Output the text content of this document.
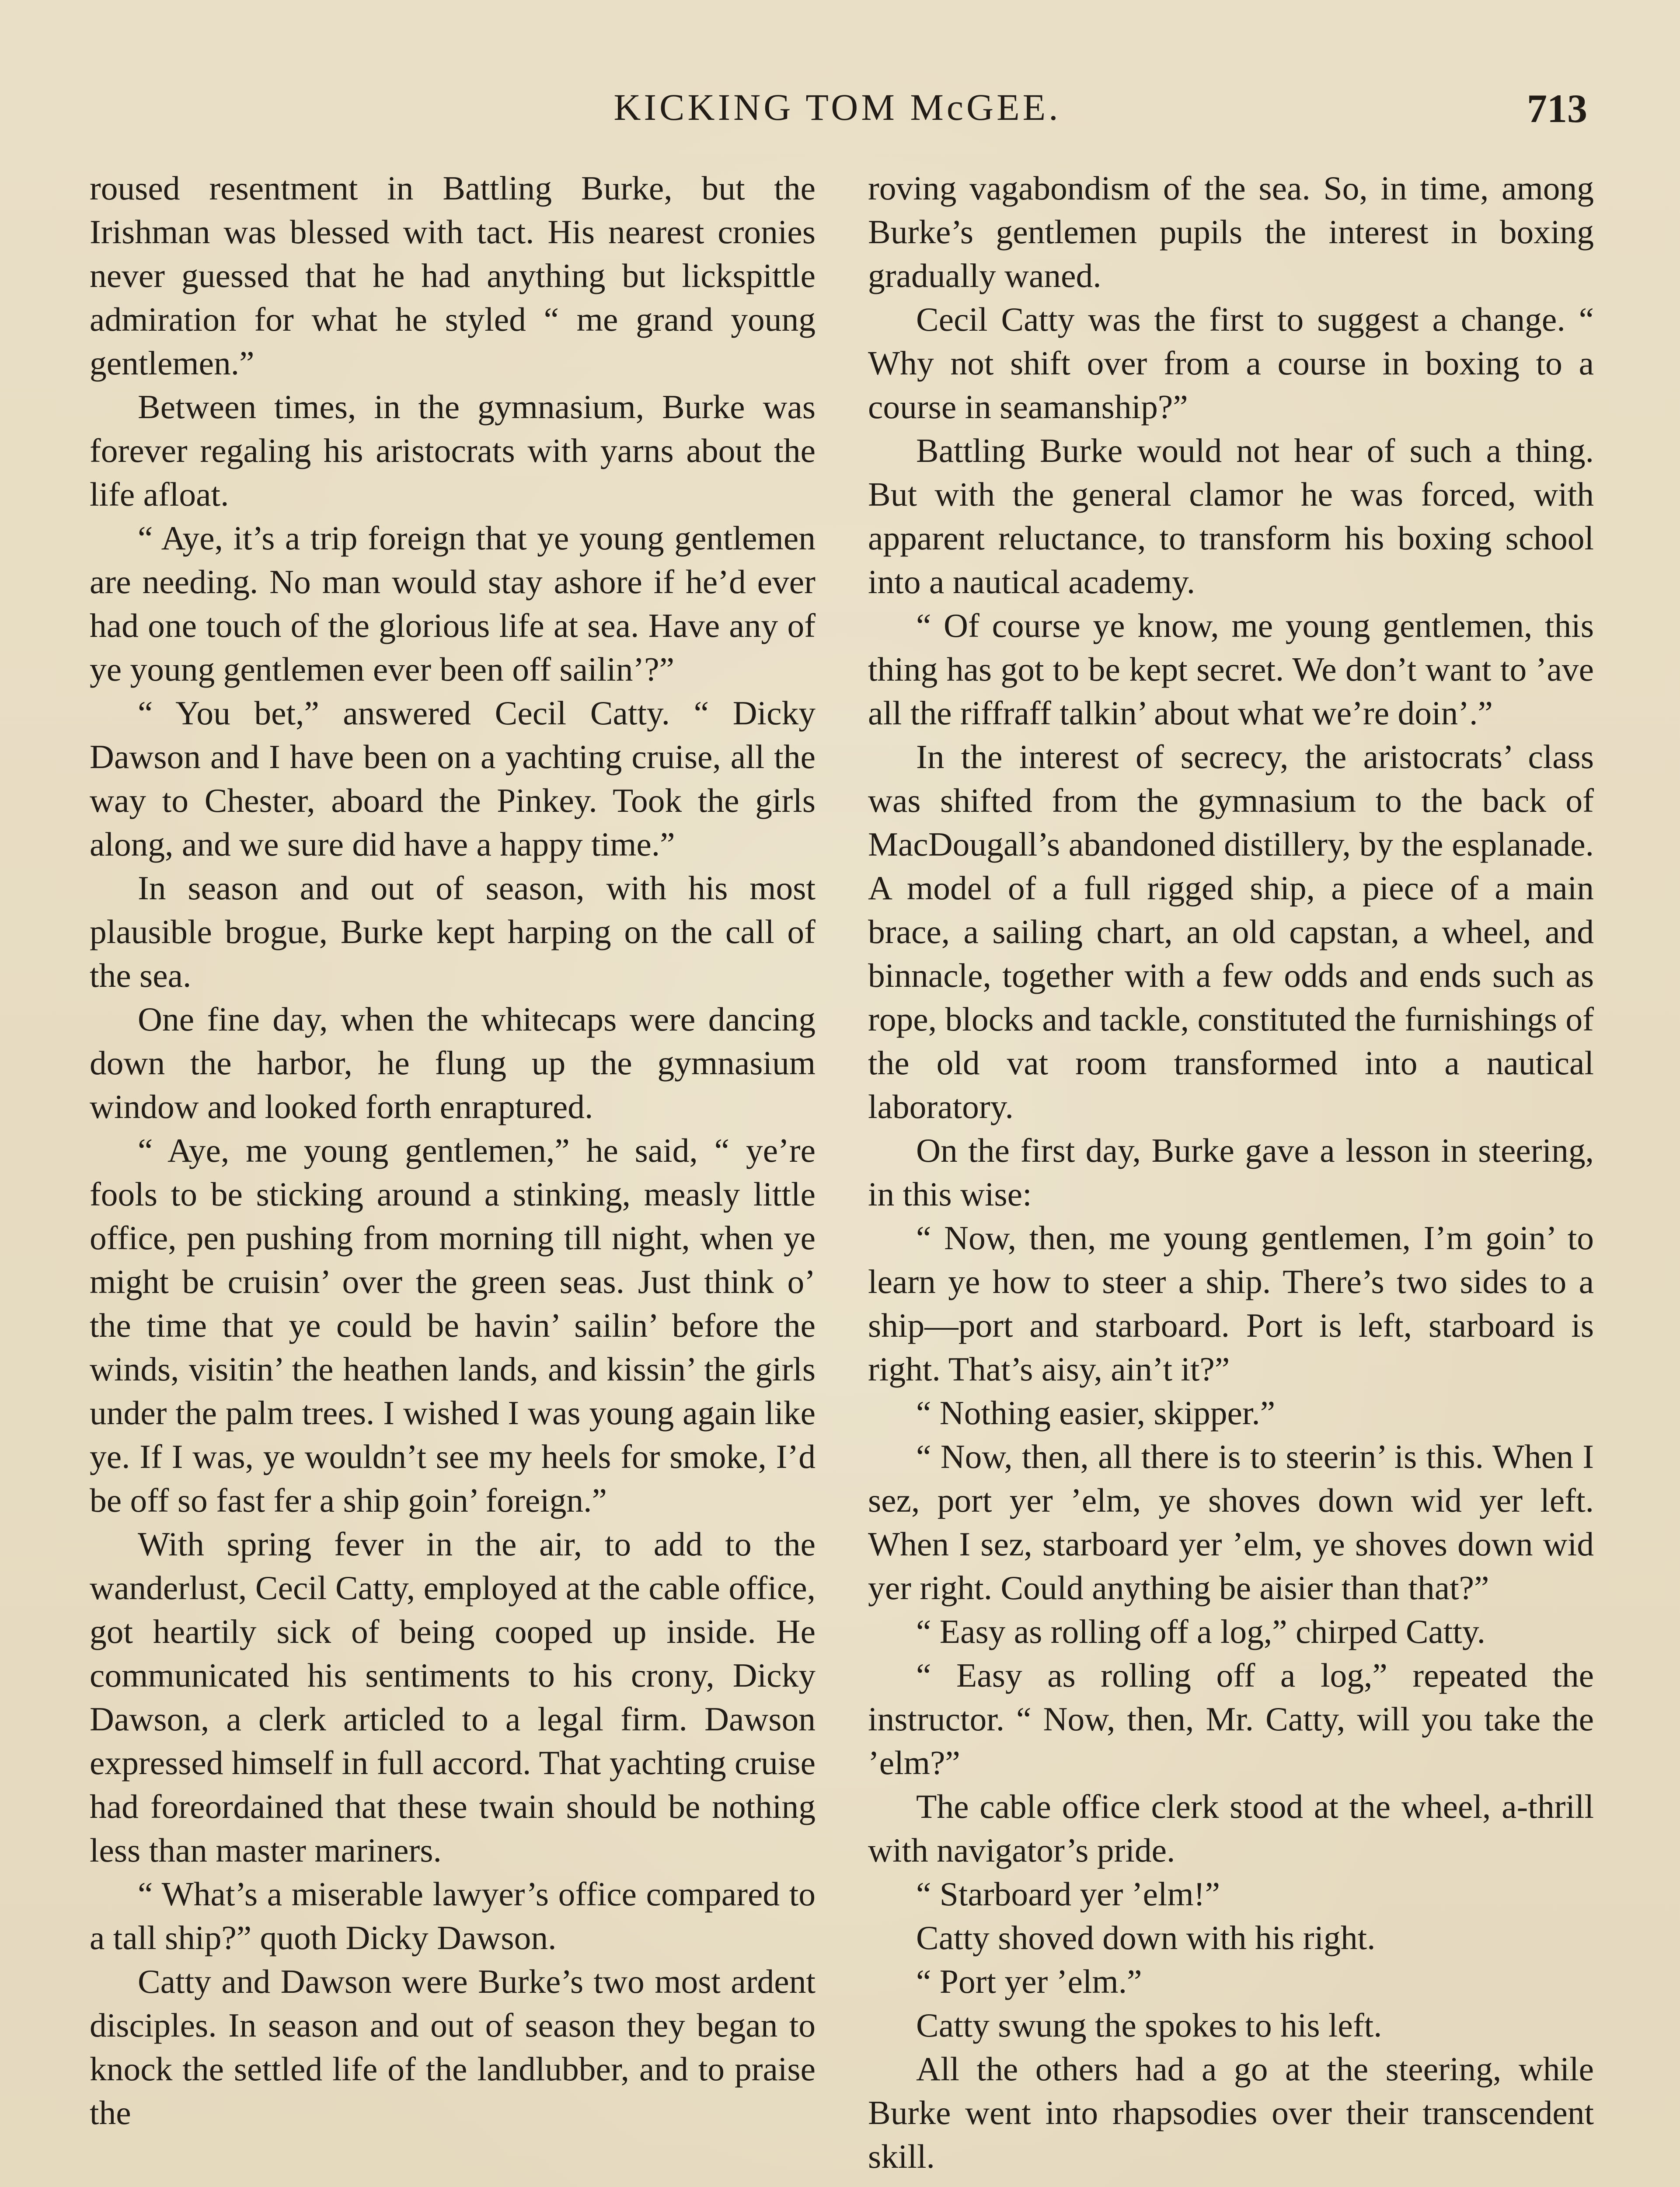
KICKING TOM McGEE.	713

roused resentment in Battling Burke, but the Irishman was blessed with tact. His nearest cronies never guessed that he had anything but lickspittle admiration for what he styled “ me grand young gentlemen.”

Between times, in the gymnasium, Burke was forever regaling his aristocrats with yarns about the life afloat.

“ Aye, it’s a trip foreign that ye young gentlemen are needing. No man would stay ashore if he’d ever had one touch of the glorious life at sea. Have any of ye young gentlemen ever been off sailin’?”

“ You bet,” answered Cecil Catty. “ Dicky Dawson and I have been on a yachting cruise, all the way to Chester, aboard the Pinkey. Took the girls along, and we sure did have a happy time.”

In season and out of season, with his most plausible brogue, Burke kept harping on the call of the sea.

One fine day, when the whitecaps were dancing down the harbor, he flung up the gymnasium window and looked forth enraptured.

“ Aye, me young gentlemen,” he said, “ ye’re fools to be sticking around a stinking, measly little office, pen pushing from morning till night, when ye might be cruisin’ over the green seas. Just think o’ the time that ye could be havin’ sailin’ before the winds, visitin’ the heathen lands, and kissin’ the girls under the palm trees. I wished I was young again like ye. If I was, ye wouldn’t see my heels for smoke, I’d be off so fast fer a ship goin’ foreign.”

With spring fever in the air, to add to the wanderlust, Cecil Catty, employed at the cable office, got heartily sick of being cooped up inside. He communicated his sentiments to his crony, Dicky Dawson, a clerk articled to a legal firm. Dawson expressed himself in full accord. That yachting cruise had foreordained that these twain should be nothing less than master mariners.

“ What’s a miserable lawyer’s office compared to a tall ship?” quoth Dicky Dawson.

Catty and Dawson were Burke’s two most ardent disciples. In season and out of season they began to knock the settled life of the landlubber, and to praise the

roving vagabondism of the sea. So, in time, among Burke’s gentlemen pupils the interest in boxing gradually waned.

Cecil Catty was the first to suggest a change. “ Why not shift over from a course in boxing to a course in seamanship?”

Battling Burke would not hear of such a thing. But with the general clamor he was forced, with apparent reluctance, to transform his boxing school into a nautical academy.

“ Of course ye know, me young gentlemen, this thing has got to be kept secret. We don’t want to ’ave all the riffraff talkin’ about what we’re doin’.”

In the interest of secrecy, the aristocrats’ class was shifted from the gymnasium to the back of MacDougall’s abandoned distillery, by the esplanade. A model of a full rigged ship, a piece of a main brace, a sailing chart, an old capstan, a wheel, and binnacle, together with a few odds and ends such as rope, blocks and tackle, constituted the furnishings of the old vat room transformed into a nautical laboratory.

On the first day, Burke gave a lesson in steering, in this wise:

“ Now, then, me young gentlemen, I’m goin’ to learn ye how to steer a ship. There’s two sides to a ship—port and starboard. Port is left, starboard is right. That’s aisy, ain’t it?”

“ Nothing easier, skipper.”

“ Now, then, all there is to steerin’ is this. When I sez, port yer ’elm, ye shoves down wid yer left. When I sez, starboard yer ’elm, ye shoves down wid yer right. Could anything be aisier than that?”

“ Easy as rolling off a log,” chirped Catty.

“ Easy as rolling off a log,” repeated the instructor. “ Now, then, Mr. Catty, will you take the ’elm?”

The cable office clerk stood at the wheel, a-thrill with navigator’s pride.

“ Starboard yer ’elm!”

Catty shoved down with his right.

“ Port yer ’elm.”

Catty swung the spokes to his left.

All the others had a go at the steering, while Burke went into rhapsodies over their transcendent skill.
